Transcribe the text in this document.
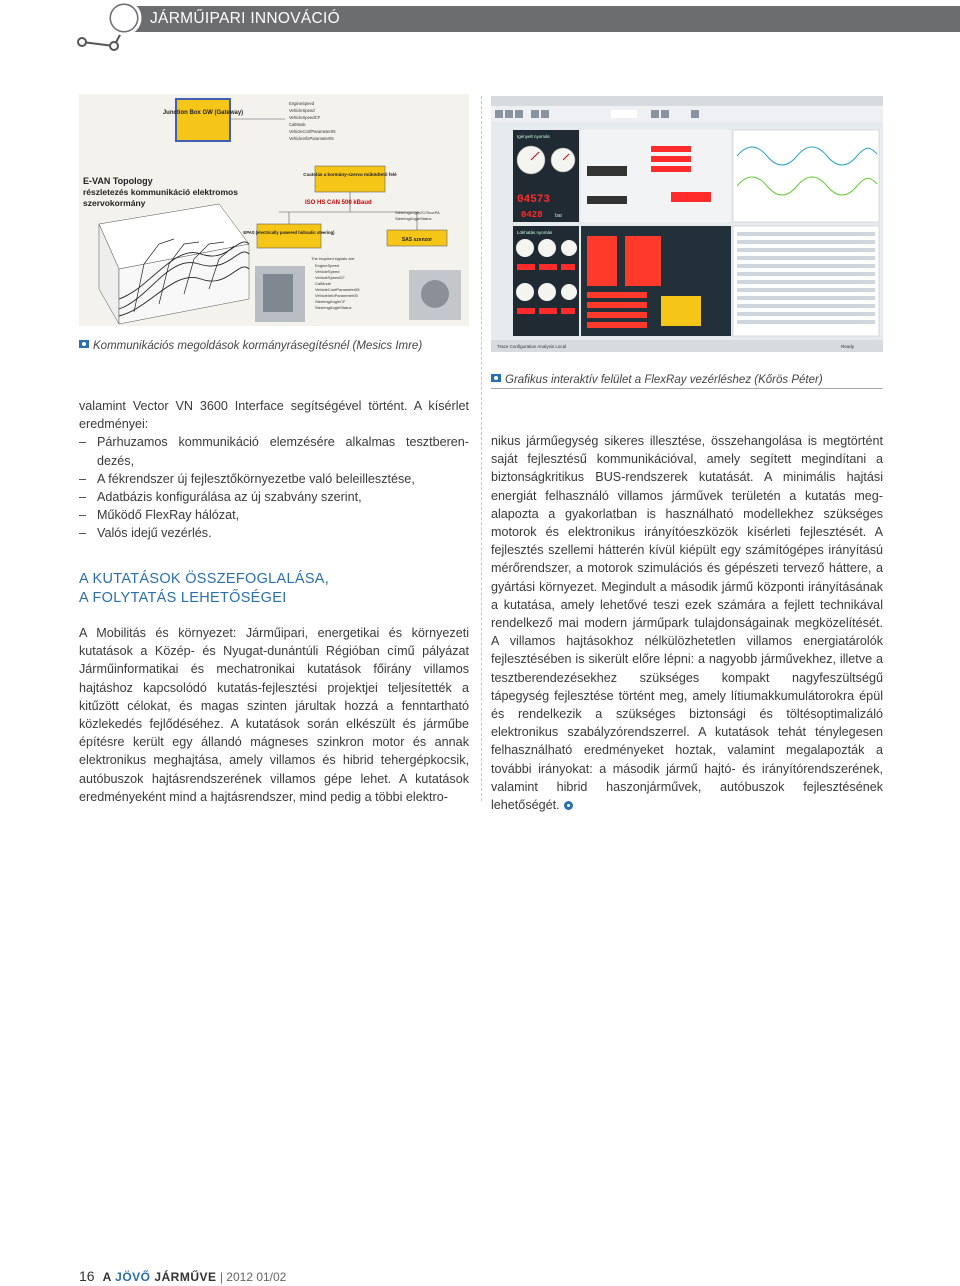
JÁRMŰIPARI INNOVÁCIÓ
Junction Box GW (Gateway)
EngineSpeed
VehicleSpeed
VehicleSpeedCF
CalMode
VehicleConfParameter05
VehicleInfoParameter05
E-VAN Topology
részletezés kommunikáció elektromos
szervokormány
Csatolás a kormány-szervo működtető felé
ISO HS CAN 500 kBaud
EPAS (electrically powered hidraulic steering)
SAS szenzor
SteeringAngle2C/SrcePA
SteeringAngleStatus
The required signals are:
EngineSpeed
VehicleSpeed
VehicleSpeedCF
CalMode
VehicleConfParameter05
VehicleInfoParameter05
SteeringAngleCF
SteeringAngleStatus
Kommunikációs megoldások kormányrásegítésnél (Mesics Imre)
Igényelt nyomás
04573
0428 bar
Lökhatás nyomás
Trace Configuration Analysis Local	Ready
Grafikus interaktív felület a FlexRay vezérléshez (Kőrös Péter)

valamint Vector VN 3600 Interface segítségével történt. A kísérlet eredményei:

– Párhuzamos kommunikáció elemzésére alkalmas tesztberendezés,

– A fékrendszer új fejlesztőkörnyezetbe való beleillesztése,

– Adatbázis konfigurálása az új szabvány szerint,

– Működő FlexRay hálózat,

– Valós idejű vezérlés.

A KUTATÁSOK ÖSSZEFOGLALÁSA,
A FOLYTATÁS LEHETŐSÉGEI

A Mobilitás és környezet: Járműipari, energetikai és környezeti kutatások a Közép- és Nyugat-dunántúli Régióban című pályázat Járműinformatikai és mechatronikai kutatások főirány villamos hajtáshoz kapcsolódó kutatás-fejlesztési projektjei teljesítették a kitűzött célokat, és magas szinten járultak hozzá a fenntartható közlekedés fejlődéséhez. A kutatások során elkészült és járműbe építésre került egy állandó mágneses szinkron motor és annak elektronikus meghajtása, amely villamos és hibrid tehergépkocsik, autóbuszok hajtásrendszerének villamos gépe lehet. A kutatások eredményeként mind a hajtásrendszer, mind pedig a többi elektro-

nikus járműegység sikeres illesztése, összehangolása is megtörtént saját fejlesztésű kommunikációval, amely segített megindítani a biztonságkritikus BUS-rendszerek kutatását. A minimális hajtási energiát felhasználó villamos járművek területén a kutatás megalapozta a gyakorlatban is használható modellekhez szükséges motorok és elektronikus irányítóeszközök kísérleti fejlesztését. A fejlesztés szellemi hátterén kívül kiépült egy számítógépes irányítású mérőrendszer, a motorok szimulációs és gépészeti tervező háttere, a gyártási környezet. Megindult a második jármű központi irányításának a kutatása, amely lehetővé teszi ezek számára a fejlett technikával rendelkező mai modern járműpark tulajdonságainak megközelítését. A villamos hajtásokhoz nélkülözhetetlen villamos energiatárolók fejlesztésében is sikerült előre lépni: a nagyobb járművekhez, illetve a tesztberendezésekhez szükséges kompakt nagyfeszültségű tápegység fejlesztése történt meg, amely lítiumakkumulátorokra épül és rendelkezik a szükséges biztonsági és töltésoptimalizáló elektronikus szabályzórendszerrel. A kutatások tehát ténylegesen felhasználható eredményeket hoztak, valamint megalapozták a további irányokat: a második jármű hajtó- és irányítórendszerének, valamint hibrid haszonjárművek, autóbuszok fejlesztésének lehetőségét.

16 A JÖVŐ JÁRMŰVE | 2012 01/02
